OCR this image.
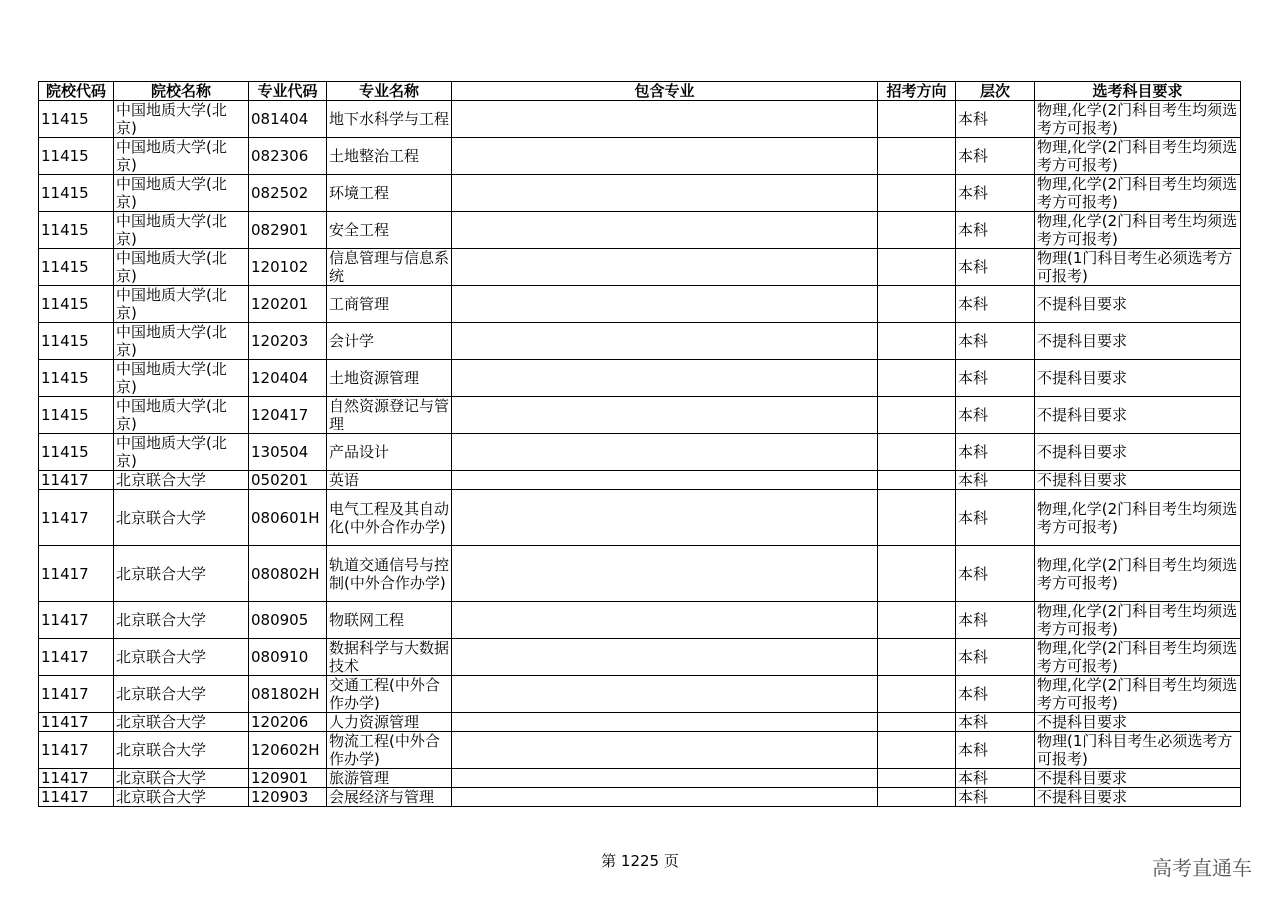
院校代码	院校名称	专业代码	专业名称	包含专业	招考方向	层次	选考科目要求
11415	中国地质大学(北京)	081404	地下水科学与工程			本科	物理,化学(2门科目考生均须选考方可报考)
11415	中国地质大学(北京)	082306	土地整治工程			本科	物理,化学(2门科目考生均须选考方可报考)
11415	中国地质大学(北京)	082502	环境工程			本科	物理,化学(2门科目考生均须选考方可报考)
11415	中国地质大学(北京)	082901	安全工程			本科	物理,化学(2门科目考生均须选考方可报考)
11415	中国地质大学(北京)	120102	信息管理与信息系统			本科	物理(1门科目考生必须选考方可报考)
11415	中国地质大学(北京)	120201	工商管理			本科	不提科目要求
11415	中国地质大学(北京)	120203	会计学			本科	不提科目要求
11415	中国地质大学(北京)	120404	土地资源管理			本科	不提科目要求
11415	中国地质大学(北京)	120417	自然资源登记与管理			本科	不提科目要求
11415	中国地质大学(北京)	130504	产品设计			本科	不提科目要求
11417	北京联合大学	050201	英语			本科	不提科目要求
11417	北京联合大学	080601H	电气工程及其自动化(中外合作办学)			本科	物理,化学(2门科目考生均须选考方可报考)
11417	北京联合大学	080802H	轨道交通信号与控制(中外合作办学)			本科	物理,化学(2门科目考生均须选考方可报考)
11417	北京联合大学	080905	物联网工程			本科	物理,化学(2门科目考生均须选考方可报考)
11417	北京联合大学	080910	数据科学与大数据技术			本科	物理,化学(2门科目考生均须选考方可报考)
11417	北京联合大学	081802H	交通工程(中外合作办学)			本科	物理,化学(2门科目考生均须选考方可报考)
11417	北京联合大学	120206	人力资源管理			本科	不提科目要求
11417	北京联合大学	120602H	物流工程(中外合作办学)			本科	物理(1门科目考生必须选考方可报考)
11417	北京联合大学	120901	旅游管理			本科	不提科目要求
11417	北京联合大学	120903	会展经济与管理			本科	不提科目要求
第 1225 页	高考直通车
